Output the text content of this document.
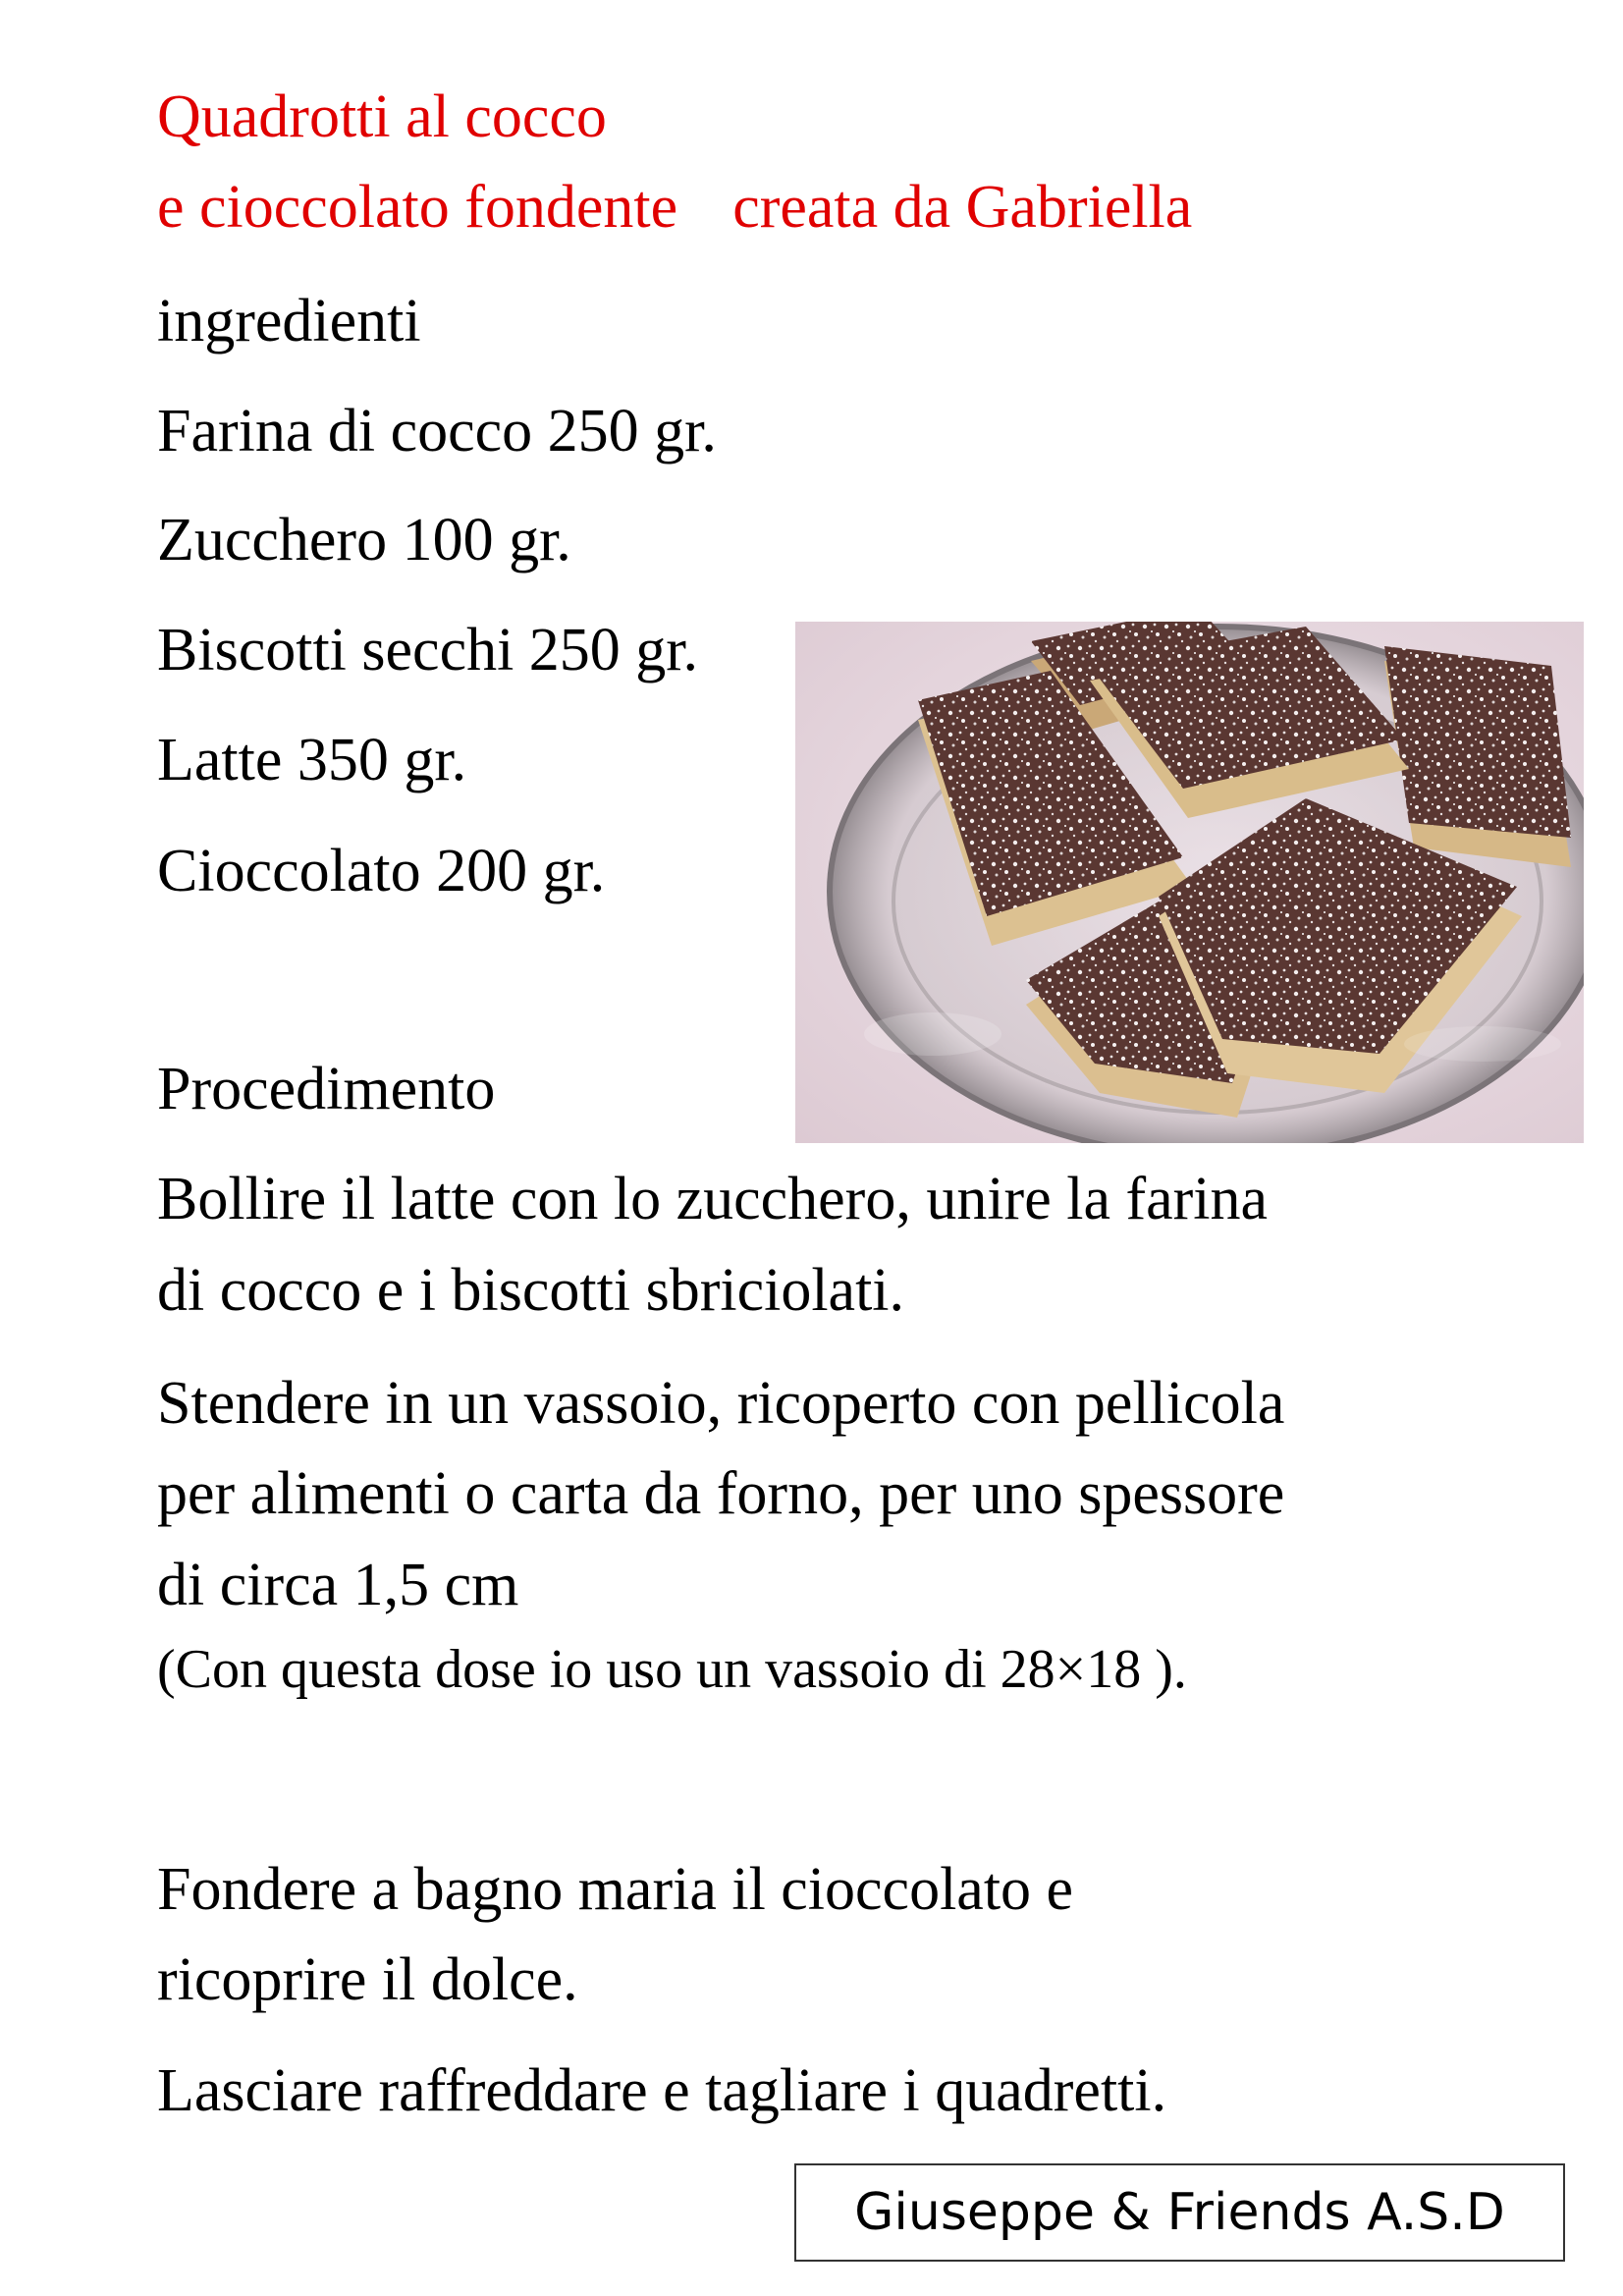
Quadrotti al cocco
e cioccolato fondente creata da Gabriella
ingredienti
Farina di cocco 250 gr.
Zucchero 100 gr.
Biscotti secchi 250 gr.
Latte 350 gr.
Cioccolato 200 gr.
Procedimento
Bollire il latte con lo zucchero, unire la farina
di cocco e i biscotti sbriciolati.
Stendere in un vassoio, ricoperto con pellicola
per alimenti o carta da forno, per uno spessore
di circa 1,5 cm
(Con questa dose io uso un vassoio di 28×18 ).
Fondere a bagno maria il cioccolato e
ricoprire il dolce.
Lasciare raffreddare e tagliare i quadretti.
Giuseppe & Friends A.S.D
